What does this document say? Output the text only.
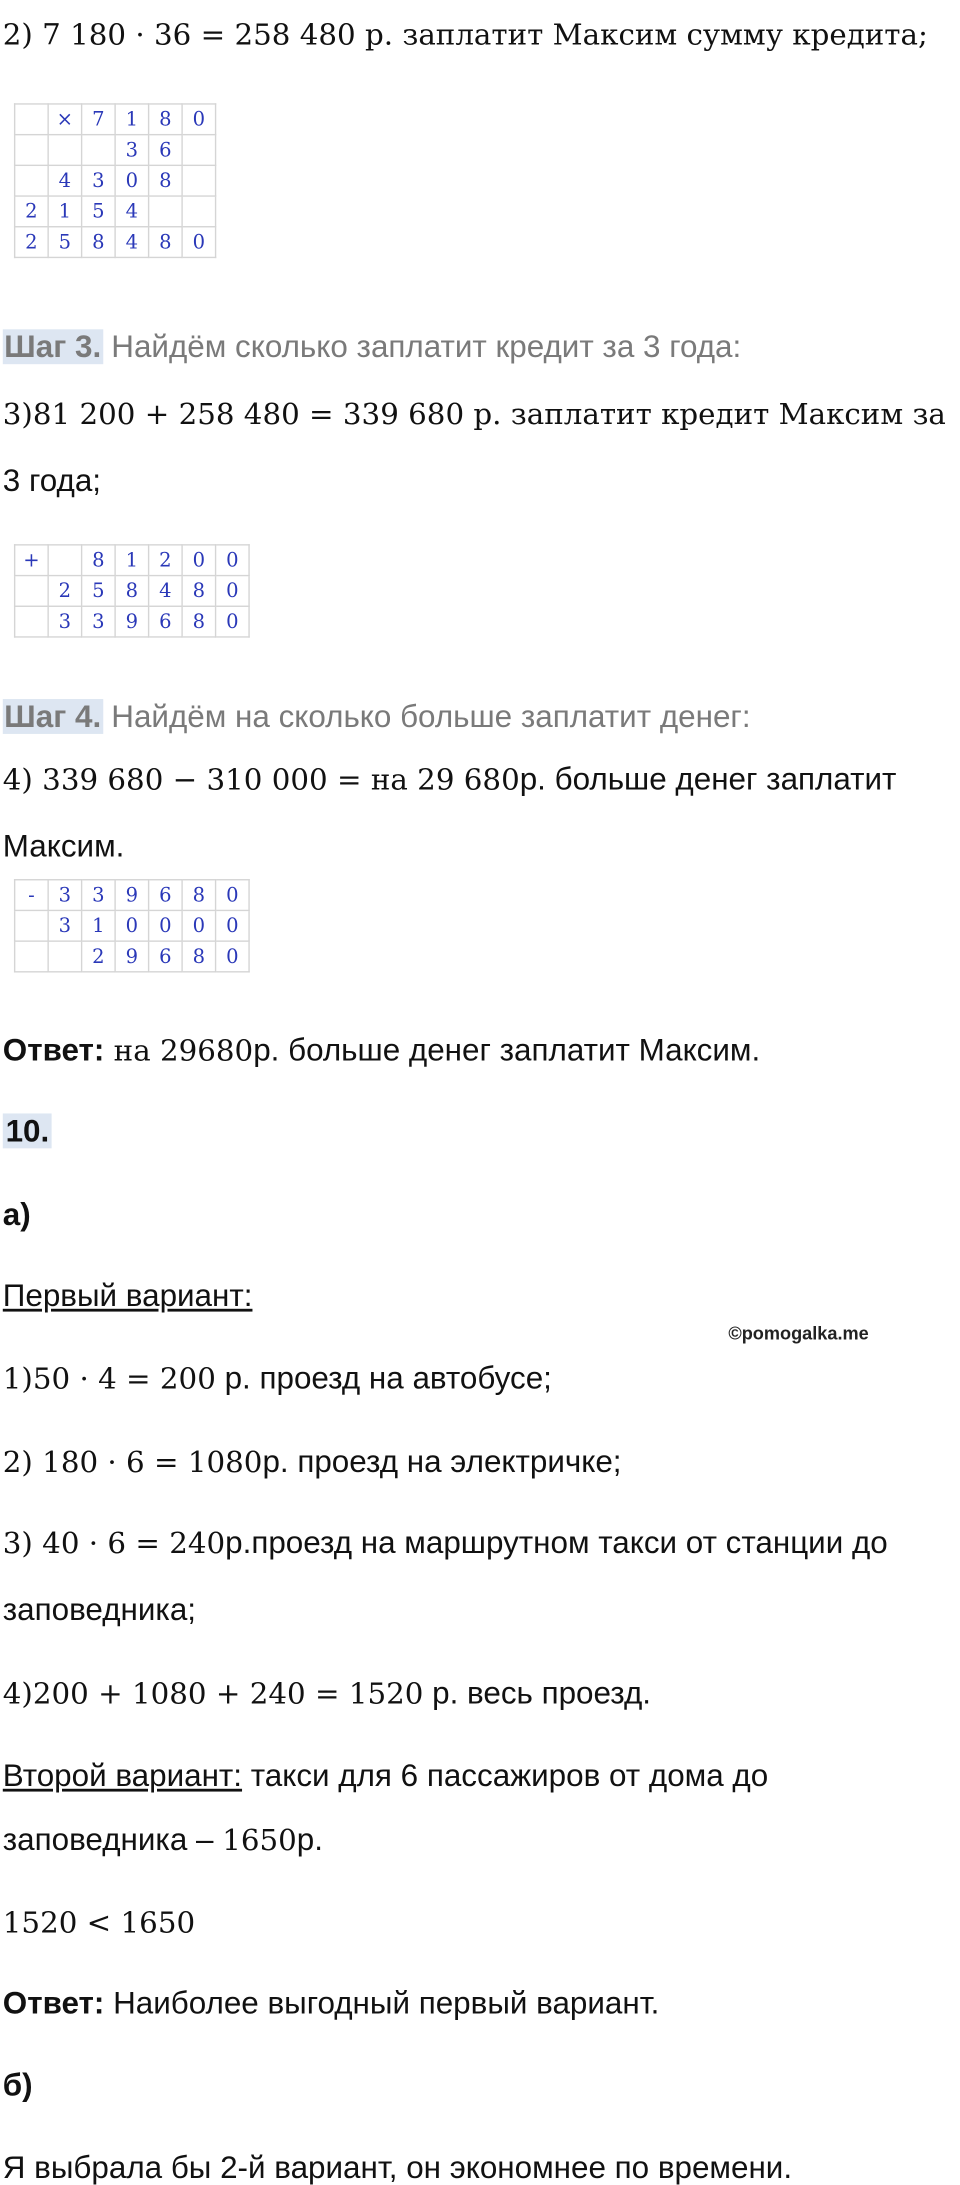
2) 7 180 · 36 = 258 480 р. заплатит Максим сумму кредита;
	×	7	1	8	0
			3	6	
	4	3	0	8	
2	1	5	4		
2	5	8	4	8	0
Шаг 3. Найдём сколько заплатит кредит за 3 года:
3)81 200 + 258 480 = 339 680 р. заплатит кредит Максим за
3 года;
+		8	1	2	0	0
	2	5	8	4	8	0
	3	3	9	6	8	0
Шаг 4. Найдём на сколько больше заплатит денег:
4) 339 680 − 310 000 = на 29 680р. больше денег заплатит
Максим.
-	3	3	9	6	8	0
	3	1	0	0	0	0
		2	9	6	8	0
Ответ: на 29680р. больше денег заплатит Максим.
10.
а)
Первый вариант:
©pomogalka.me
1)50 · 4 = 200 р. проезд на автобусе;
2) 180 · 6 = 1080р. проезд на электричке;
3) 40 · 6 = 240р.проезд на маршрутном такси от станции до
заповедника;
4)200 + 1080 + 240 = 1520 р. весь проезд.
Второй вариант: такси для 6 пассажиров от дома до
заповедника – 1650р.
1520 < 1650
Ответ: Наиболее выгодный первый вариант.
б)
Я выбрала бы 2-й вариант, он экономнее по времени.
